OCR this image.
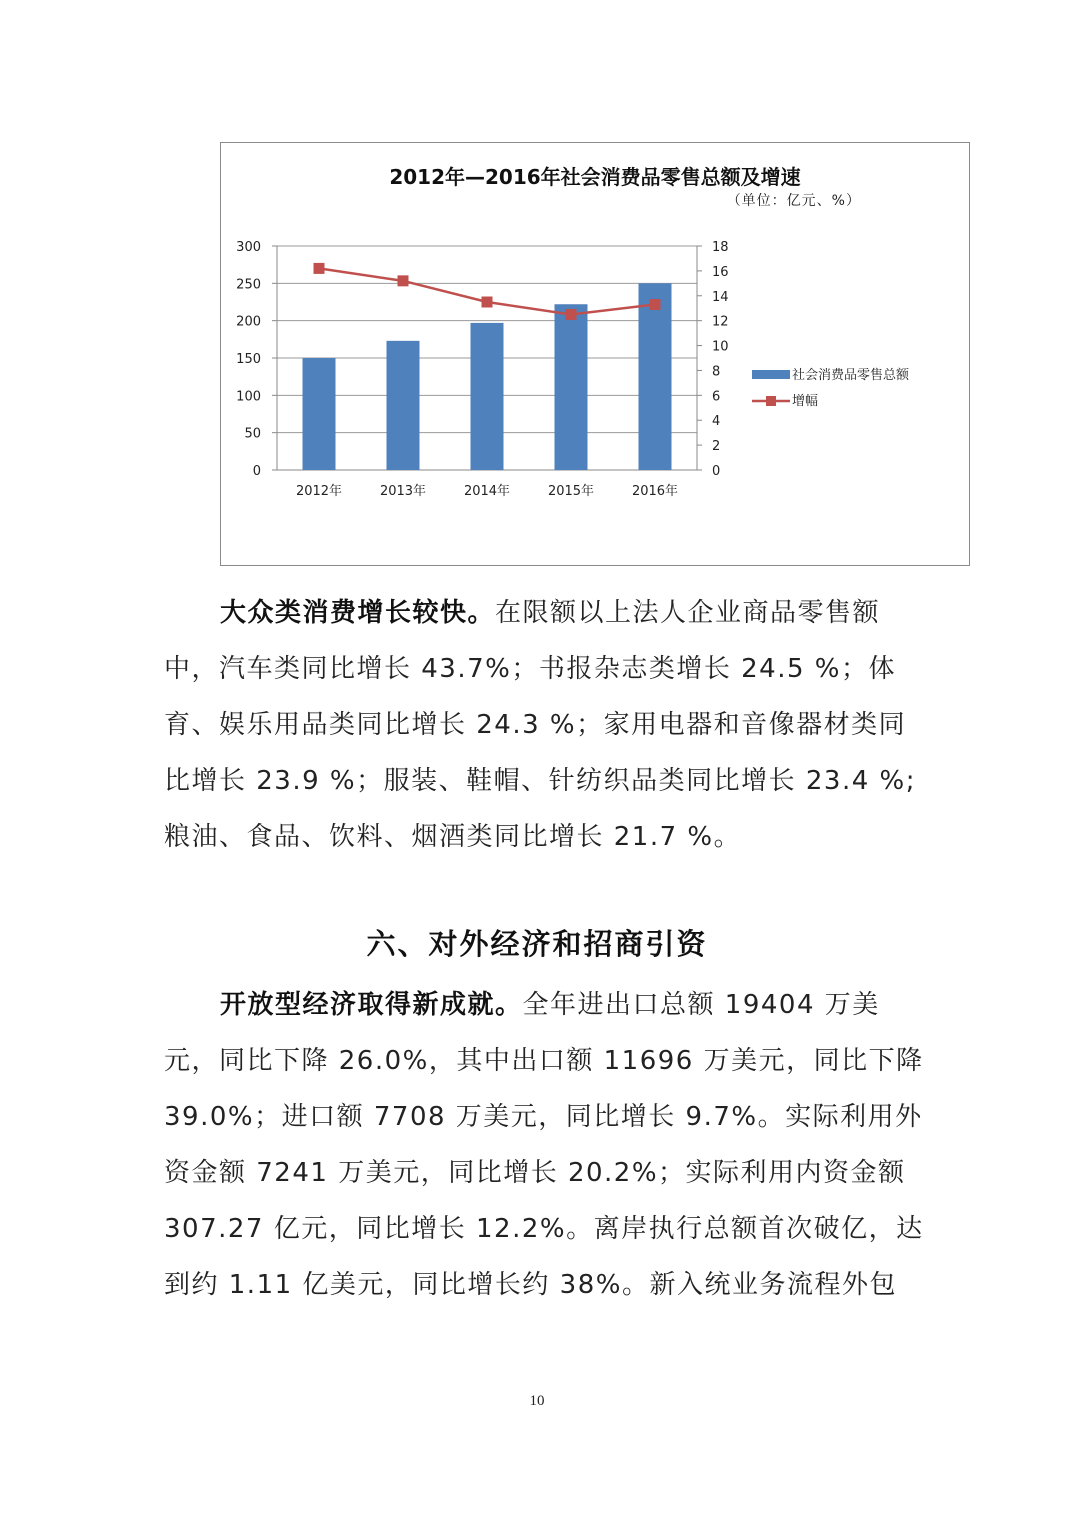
2012年—2016年社会消费品零售总额及增速
（单位：亿元、%）
0
50
100
150
200
250
300
0
2
4
6
8
10
12
14
16
18
2012年	2013年	2014年	2015年	2016年
社会消费品零售总额
增幅
大众类消费增长较快。在限额以上法人企业商品零售额中，汽车类同比增长 43.7%；书报杂志类增长 24.5 %；体育、娱乐用品类同比增长 24.3 %；家用电器和音像器材类同比增长 23.9 %；服装、鞋帽、针纺织品类同比增长 23.4 %;粮油、食品、饮料、烟酒类同比增长 21.7 %。
六、对外经济和招商引资
开放型经济取得新成就。全年进出口总额 19404 万美元，同比下降 26.0%，其中出口额 11696 万美元，同比下降 39.0%；进口额 7708 万美元，同比增长 9.7%。实际利用外资金额 7241 万美元，同比增长 20.2%；实际利用内资金额 307.27 亿元，同比增长 12.2%。离岸执行总额首次破亿，达到约 1.11 亿美元，同比增长约 38%。新入统业务流程外包
10
